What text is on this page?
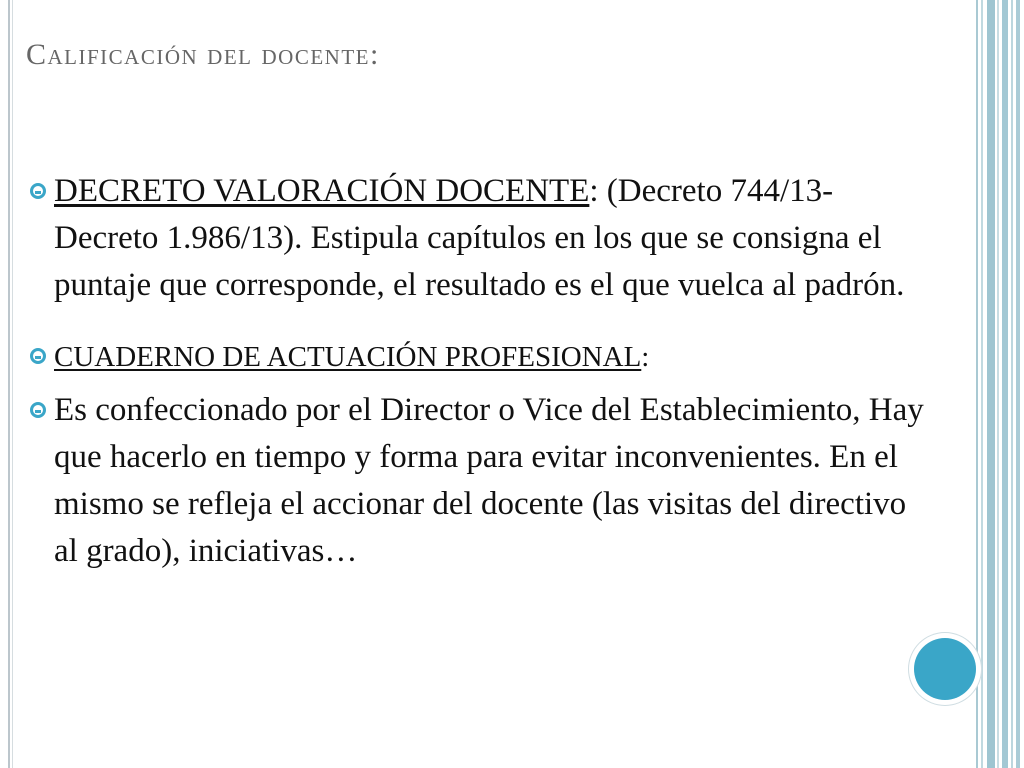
Calificación del docente:
DECRETO VALORACIÓN DOCENTE: (Decreto 744/13-Decreto 1.986/13). Estipula capítulos en los que se consigna el puntaje que corresponde, el resultado es el que vuelca al padrón.
CUADERNO DE ACTUACIÓN PROFESIONAL:
Es confeccionado por el Director o Vice del Establecimiento, Hay que hacerlo en tiempo y forma para evitar inconvenientes. En el mismo se refleja el accionar del docente (las visitas del directivo al grado), iniciativas…
